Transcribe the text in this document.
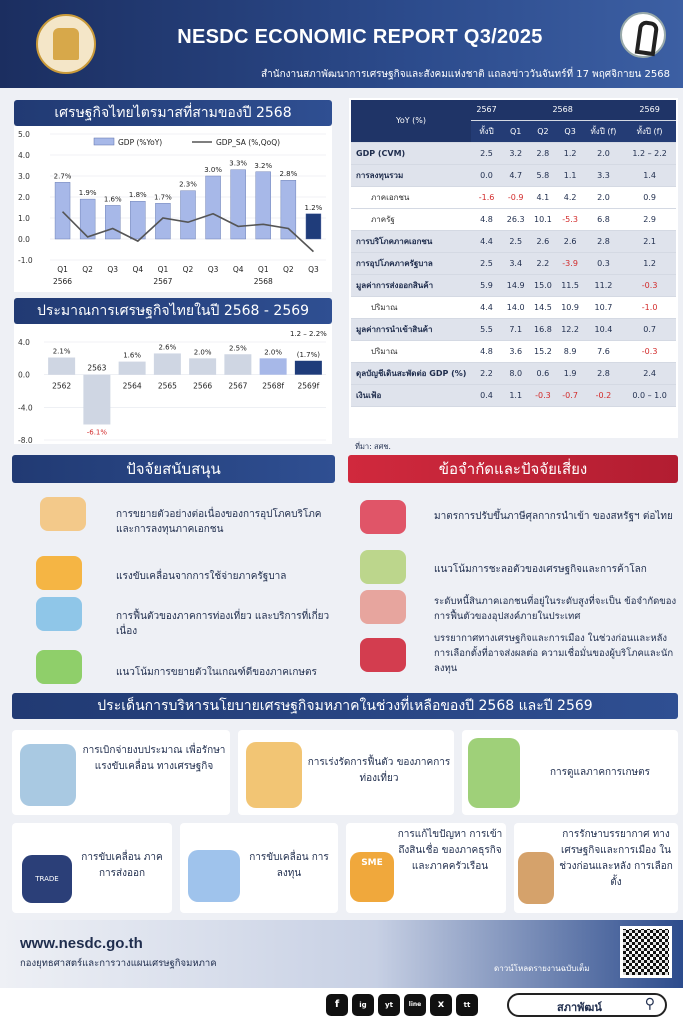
NESDC ECONOMIC REPORT Q3/2025
สำนักงานสภาพัฒนาการเศรษฐกิจและสังคมแห่งชาติ แถลงข่าววันจันทร์ที่ 17 พฤศจิกายน 2568
เศรษฐกิจไทยไตรมาสที่สามของปี 2568
GDP (%YoY)	GDP_SA (%,QoQ)
5.0
4.0
3.0
2.0
1.0
0.0
-1.0
2.7%
Q1
1.9%
Q2
1.6%
Q3
1.8%
Q4
1.7%
Q1
2.3%
Q2
3.0%
Q3
3.3%
Q4
3.2%
Q1
2.8%
Q2
1.2%
Q3
2566	2567	2568
ประมาณการเศรษฐกิจไทยในปี 2568 - 2569
4.0
0.0
-4.0
-8.0
2.1%
2562
-6.1%
2563
1.6%
2564
2.6%
2565
2.0%
2566
2.5%
2567
2.0%
2568f
(1.7%)
2569f
1.2 – 2.2%
YoY (%)	2567	2568				2569
	ทั้งปี	Q1	Q2	Q3	ทั้งปี (f)	ทั้งปี (f)
GDP (CVM)	2.5	3.2	2.8	1.2	2.0	1.2 – 2.2
การลงทุนรวม	0.0	4.7	5.8	1.1	3.3	1.4
ภาคเอกชน	-1.6	-0.9	4.1	4.2	2.0	0.9
ภาครัฐ	4.8	26.3	10.1	-5.3	6.8	2.9
การบริโภคภาคเอกชน	4.4	2.5	2.6	2.6	2.8	2.1
การอุปโภคภาครัฐบาล	2.5	3.4	2.2	-3.9	0.3	1.2
มูลค่าการส่งออกสินค้า	5.9	14.9	15.0	11.5	11.2	-0.3
ปริมาณ	4.4	14.0	14.5	10.9	10.7	-1.0
มูลค่าการนำเข้าสินค้า	5.5	7.1	16.8	12.2	10.4	0.7
ปริมาณ	4.8	3.6	15.2	8.9	7.6	-0.3
ดุลบัญชีเดินสะพัดต่อ GDP (%)	2.2	8.0	0.6	1.9	2.8	2.4
เงินเฟ้อ	0.4	1.1	-0.3	-0.7	-0.2	0.0 – 1.0
ที่มา: สศช.
ปัจจัยสนับสนุน	ข้อจำกัดและปัจจัยเสี่ยง
การขยายตัวอย่างต่อเนื่องของการอุปโภคบริโภค และการลงทุนภาคเอกชน
แรงขับเคลื่อนจากการใช้จ่ายภาครัฐบาล
การฟื้นตัวของภาคการท่องเที่ยว และบริการที่เกี่ยวเนื่อง
แนวโน้มการขยายตัวในเกณฑ์ดีของภาคเกษตร
มาตรการปรับขึ้นภาษีศุลกากรนำเข้า ของสหรัฐฯ ต่อไทย
แนวโน้มการชะลอตัวของเศรษฐกิจและการค้าโลก
ระดับหนี้สินภาคเอกชนที่อยู่ในระดับสูงที่จะเป็น ข้อจำกัดของการฟื้นตัวของอุปสงค์ภายในประเทศ
บรรยากาศทางเศรษฐกิจและการเมือง ในช่วงก่อนและหลังการเลือกตั้งที่อาจส่งผลต่อ ความเชื่อมั่นของผู้บริโภคและนักลงทุน
ประเด็นการบริหารนโยบายเศรษฐกิจมหภาคในช่วงที่เหลือของปี 2568 และปี 2569
การเบิกจ่ายงบประมาณ เพื่อรักษาแรงขับเคลื่อน ทางเศรษฐกิจ	การเร่งรัดการฟื้นตัว ของภาคการท่องเที่ยว
การดูแลภาคการเกษตร
TRADE
การขับเคลื่อน ภาคการส่งออก
การขับเคลื่อน การลงทุน
SME
การแก้ไขปัญหา การเข้าถึงสินเชื่อ ของภาคธุรกิจ และภาคครัวเรือน
การรักษาบรรยากาศ ทางเศรษฐกิจและการเมือง ในช่วงก่อนและหลัง การเลือกตั้ง
www.nesdc.go.th
กองยุทธศาสตร์และการวางแผนเศรษฐกิจมหภาค	ดาวน์โหลดรายงานฉบับเต็ม
f	ig	yt	line	x	tt	สภาพัฒน์	⚲
